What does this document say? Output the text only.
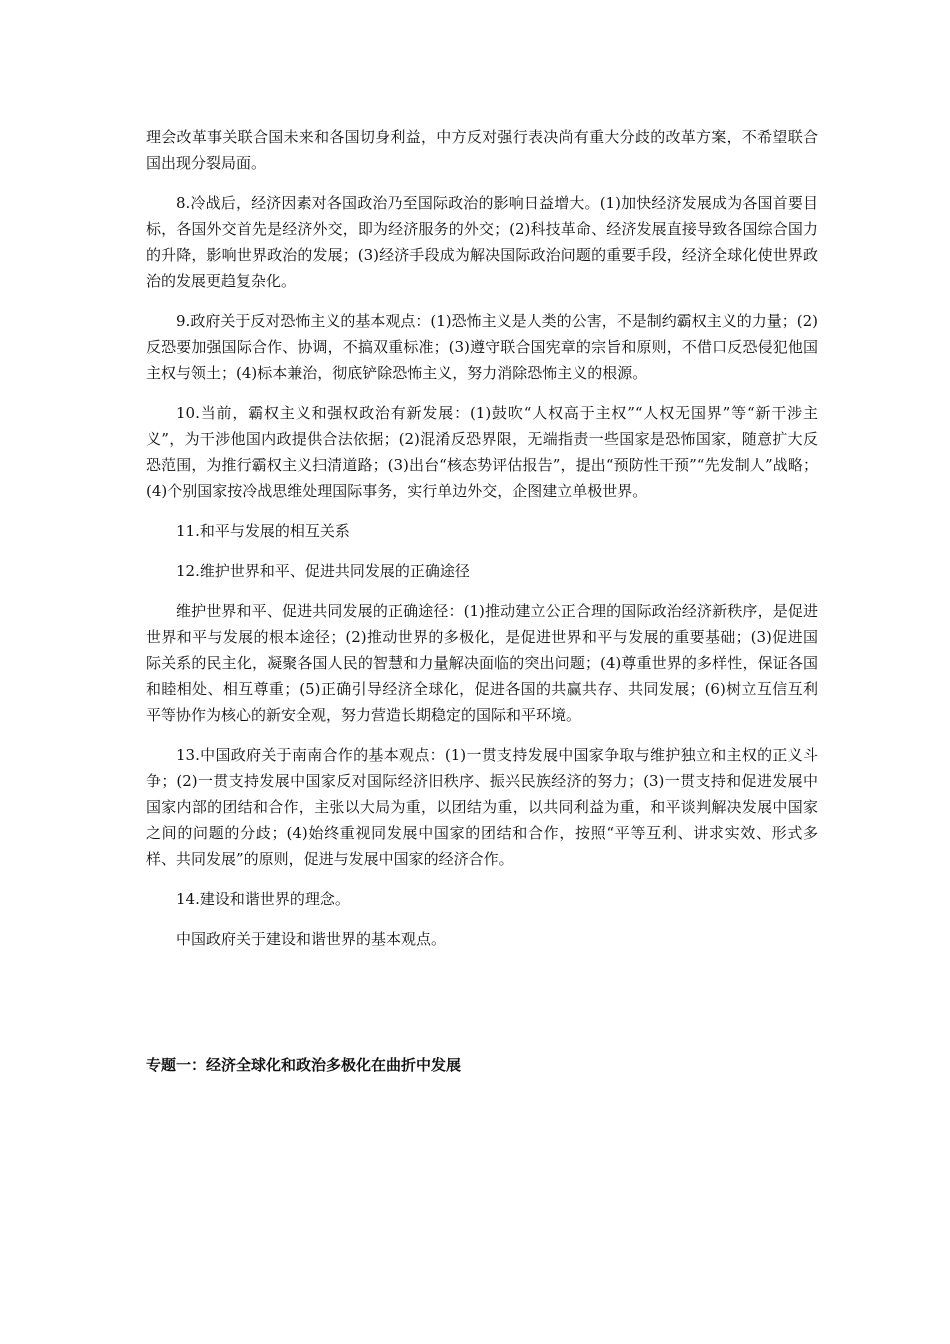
理会改革事关联合国未来和各国切身利益，中方反对强行表决尚有重大分歧的改革方案，不希望联合国出现分裂局面。

8.冷战后，经济因素对各国政治乃至国际政治的影响日益增大。(1)加快经济发展成为各国首要目标，各国外交首先是经济外交，即为经济服务的外交；(2)科技革命、经济发展直接导致各国综合国力的升降，影响世界政治的发展；(3)经济手段成为解决国际政治问题的重要手段，经济全球化使世界政治的发展更趋复杂化。

9.政府关于反对恐怖主义的基本观点：(1)恐怖主义是人类的公害，不是制约霸权主义的力量；(2)反恐要加强国际合作、协调，不搞双重标准；(3)遵守联合国宪章的宗旨和原则，不借口反恐侵犯他国主权与领土；(4)标本兼治，彻底铲除恐怖主义，努力消除恐怖主义的根源。

10.当前，霸权主义和强权政治有新发展：(1)鼓吹“人权高于主权”“人权无国界”等“新干涉主义”，为干涉他国内政提供合法依据；(2)混淆反恐界限，无端指责一些国家是恐怖国家，随意扩大反恐范围，为推行霸权主义扫清道路；(3)出台“核态势评估报告”，提出“预防性干预”“先发制人”战略；(4)个别国家按冷战思维处理国际事务，实行单边外交，企图建立单极世界。

11.和平与发展的相互关系

12.维护世界和平、促进共同发展的正确途径

维护世界和平、促进共同发展的正确途径：(1)推动建立公正合理的国际政治经济新秩序，是促进世界和平与发展的根本途径；(2)推动世界的多极化，是促进世界和平与发展的重要基础；(3)促进国际关系的民主化，凝聚各国人民的智慧和力量解决面临的突出问题；(4)尊重世界的多样性，保证各国和睦相处、相互尊重；(5)正确引导经济全球化，促进各国的共赢共存、共同发展；(6)树立互信互利平等协作为核心的新安全观，努力营造长期稳定的国际和平环境。

13.中国政府关于南南合作的基本观点：(1)一贯支持发展中国家争取与维护独立和主权的正义斗争；(2)一贯支持发展中国家反对国际经济旧秩序、振兴民族经济的努力；(3)一贯支持和促进发展中国家内部的团结和合作，主张以大局为重，以团结为重，以共同利益为重，和平谈判解决发展中国家之间的问题的分歧；(4)始终重视同发展中国家的团结和合作，按照“平等互利、讲求实效、形式多样、共同发展”的原则，促进与发展中国家的经济合作。

14.建设和谐世界的理念。

中国政府关于建设和谐世界的基本观点。

专题一：经济全球化和政治多极化在曲折中发展
